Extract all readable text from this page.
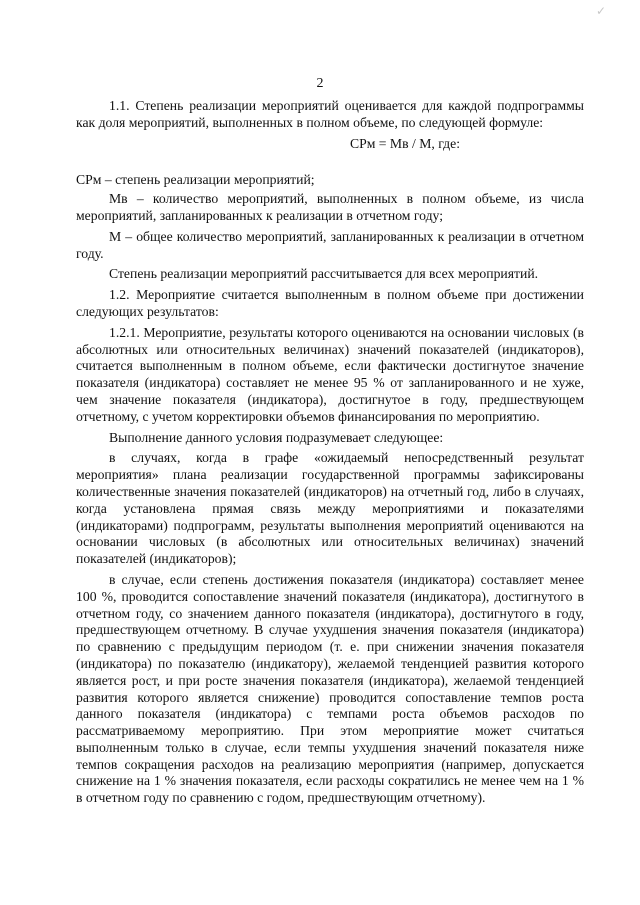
✓
2

1.1. Степень реализации мероприятий оценивается для каждой подпрограммы как доля мероприятий, выполненных в полном объеме, по следующей формуле:

СРм = Мв / М, где:

СРм – степень реализации мероприятий;

Мв – количество мероприятий, выполненных в полном объеме, из числа мероприятий, запланированных к реализации в отчетном году;

М – общее количество мероприятий, запланированных к реализации в отчетном году.

Степень реализации мероприятий рассчитывается для всех мероприятий.

1.2. Мероприятие считается выполненным в полном объеме при достижении следующих результатов:

1.2.1. Мероприятие, результаты которого оцениваются на основании числовых (в абсолютных или относительных величинах) значений показателей (индикаторов), считается выполненным в полном объеме, если фактически достигнутое значение показателя (индикатора) составляет не менее 95 % от запланированного и не хуже, чем значение показателя (индикатора), достигнутое в году, предшествующем отчетному, с учетом корректировки объемов финансирования по мероприятию.

Выполнение данного условия подразумевает следующее:

в случаях, когда в графе «ожидаемый непосредственный результат мероприятия» плана реализации государственной программы зафиксированы количественные значения показателей (индикаторов) на отчетный год, либо в случаях, когда установлена прямая связь между мероприятиями и показателями (индикаторами) подпрограмм, результаты выполнения мероприятий оцениваются на основании числовых (в абсолютных или относительных величинах) значений показателей (индикаторов);

в случае, если степень достижения показателя (индикатора) составляет менее 100 %, проводится сопоставление значений показателя (индикатора), достигнутого в отчетном году, со значением данного показателя (индикатора), достигнутого в году, предшествующем отчетному. В случае ухудшения значения показателя (индикатора) по сравнению с предыдущим периодом (т. е. при снижении значения показателя (индикатора) по показателю (индикатору), желаемой тенденцией развития которого является рост, и при росте значения показателя (индикатора), желаемой тенденцией развития которого является снижение) проводится сопоставление темпов роста данного показателя (индикатора) с темпами роста объемов расходов по рассматриваемому мероприятию. При этом мероприятие может считаться выполненным только в случае, если темпы ухудшения значений показателя ниже темпов сокращения расходов на реализацию мероприятия (например, допускается снижение на 1 % значения показателя, если расходы сократились не менее чем на 1 % в отчетном году по сравнению с годом, предшествующим отчетному).
